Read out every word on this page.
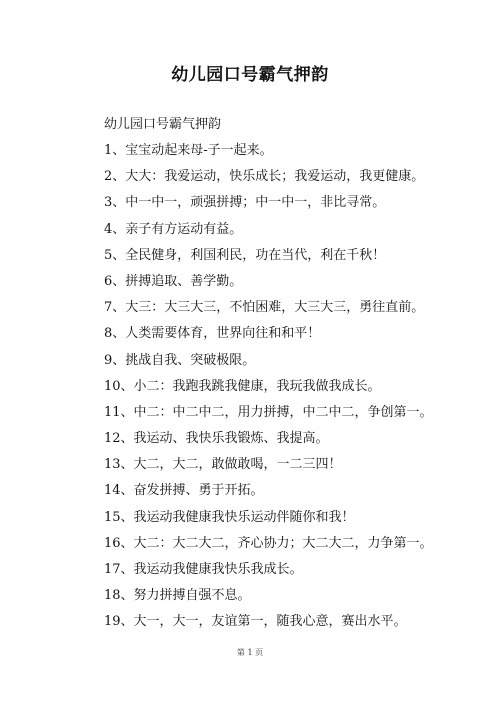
幼儿园口号霸气押韵
幼儿园口号霸气押韵
1、宝宝动起来母-子一起来。
2、大大：我爱运动，快乐成长；我爱运动，我更健康。
3、中一中一，顽强拼搏；中一中一，非比寻常。
4、亲子有方运动有益。
5、全民健身，利国利民，功在当代，利在千秋！
6、拼搏追取、善学勤。
7、大三：大三大三，不怕困难，大三大三，勇往直前。
8、人类需要体育，世界向往和和平！
9、挑战自我、突破极限。
10、小二：我跑我跳我健康，我玩我做我成长。
11、中二：中二中二，用力拼搏，中二中二，争创第一。
12、我运动、我快乐我锻炼、我提高。
13、大二，大二，敢做敢喝，一二三四！
14、奋发拼搏、勇于开拓。
15、我运动我健康我快乐运动伴随你和我！
16、大二：大二大二，齐心协力；大二大二，力争第一。
17、我运动我健康我快乐我成长。
18、努力拼搏自强不息。
19、大一，大一，友谊第一，随我心意，赛出水平。
第 1 页
